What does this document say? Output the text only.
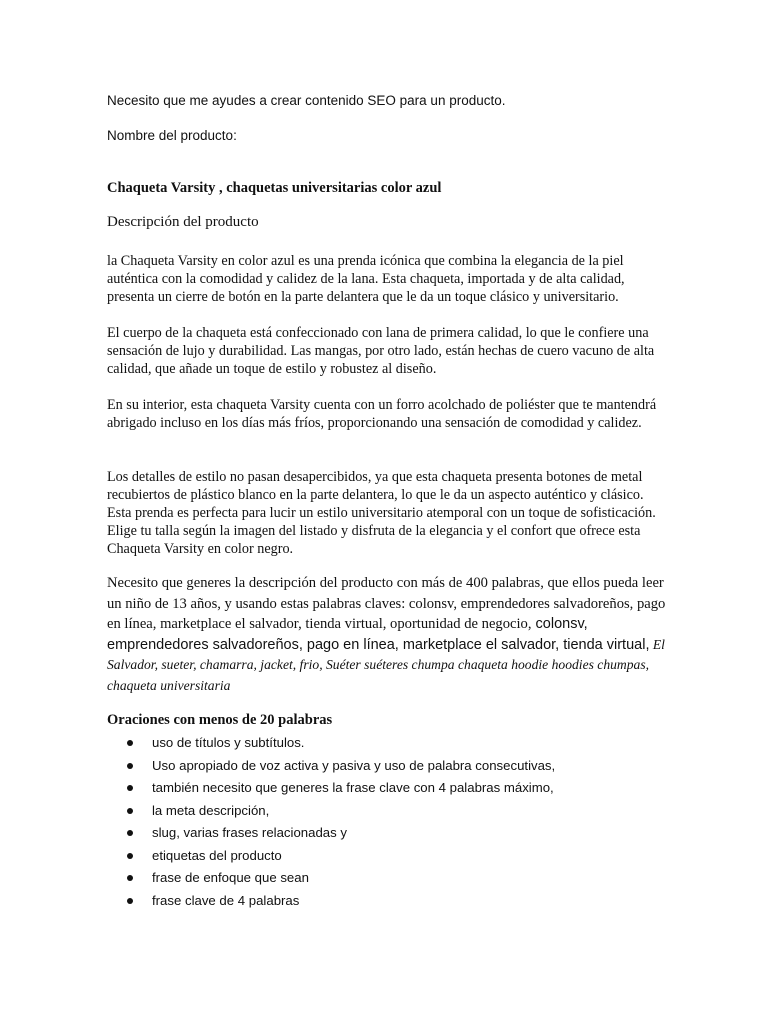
Necesito que me ayudes a crear contenido SEO para un producto.
Nombre del producto:
Chaqueta Varsity , chaquetas universitarias color azul
Descripción del producto

la Chaqueta Varsity en color azul es una prenda icónica que combina la elegancia de la piel auténtica con la comodidad y calidez de la lana. Esta chaqueta, importada y de alta calidad, presenta un cierre de botón en la parte delantera que le da un toque clásico y universitario.

El cuerpo de la chaqueta está confeccionado con lana de primera calidad, lo que le confiere una sensación de lujo y durabilidad. Las mangas, por otro lado, están hechas de cuero vacuno de alta calidad, que añade un toque de estilo y robustez al diseño.

En su interior, esta chaqueta Varsity cuenta con un forro acolchado de poliéster que te mantendrá abrigado incluso en los días más fríos, proporcionando una sensación de comodidad y calidez.

Los detalles de estilo no pasan desapercibidos, ya que esta chaqueta presenta botones de metal recubiertos de plástico blanco en la parte delantera, lo que le da un aspecto auténtico y clásico. Esta prenda es perfecta para lucir un estilo universitario atemporal con un toque de sofisticación. Elige tu talla según la imagen del listado y disfruta de la elegancia y el confort que ofrece esta Chaqueta Varsity en color negro.

Necesito que generes la descripción del producto con más de 400 palabras, que ellos pueda leer un niño de 13 años, y usando estas palabras claves: colonsv, emprendedores salvadoreños, pago en línea, marketplace el salvador, tienda virtual, oportunidad de negocio, colonsv, emprendedores salvadoreños, pago en línea, marketplace el salvador, tienda virtual, El Salvador, sueter, chamarra, jacket, frio, Suéter suéteres chumpa chaqueta hoodie hoodies chumpas, chaqueta universitaria

Oraciones con menos de 20 palabras
uso de títulos y subtítulos.
Uso apropiado de voz activa y pasiva y uso de palabra consecutivas,
también necesito que generes la frase clave con 4 palabras máximo,
la meta descripción,
slug, varias frases relacionadas y
etiquetas del producto
frase de enfoque que sean
frase clave de 4 palabras
